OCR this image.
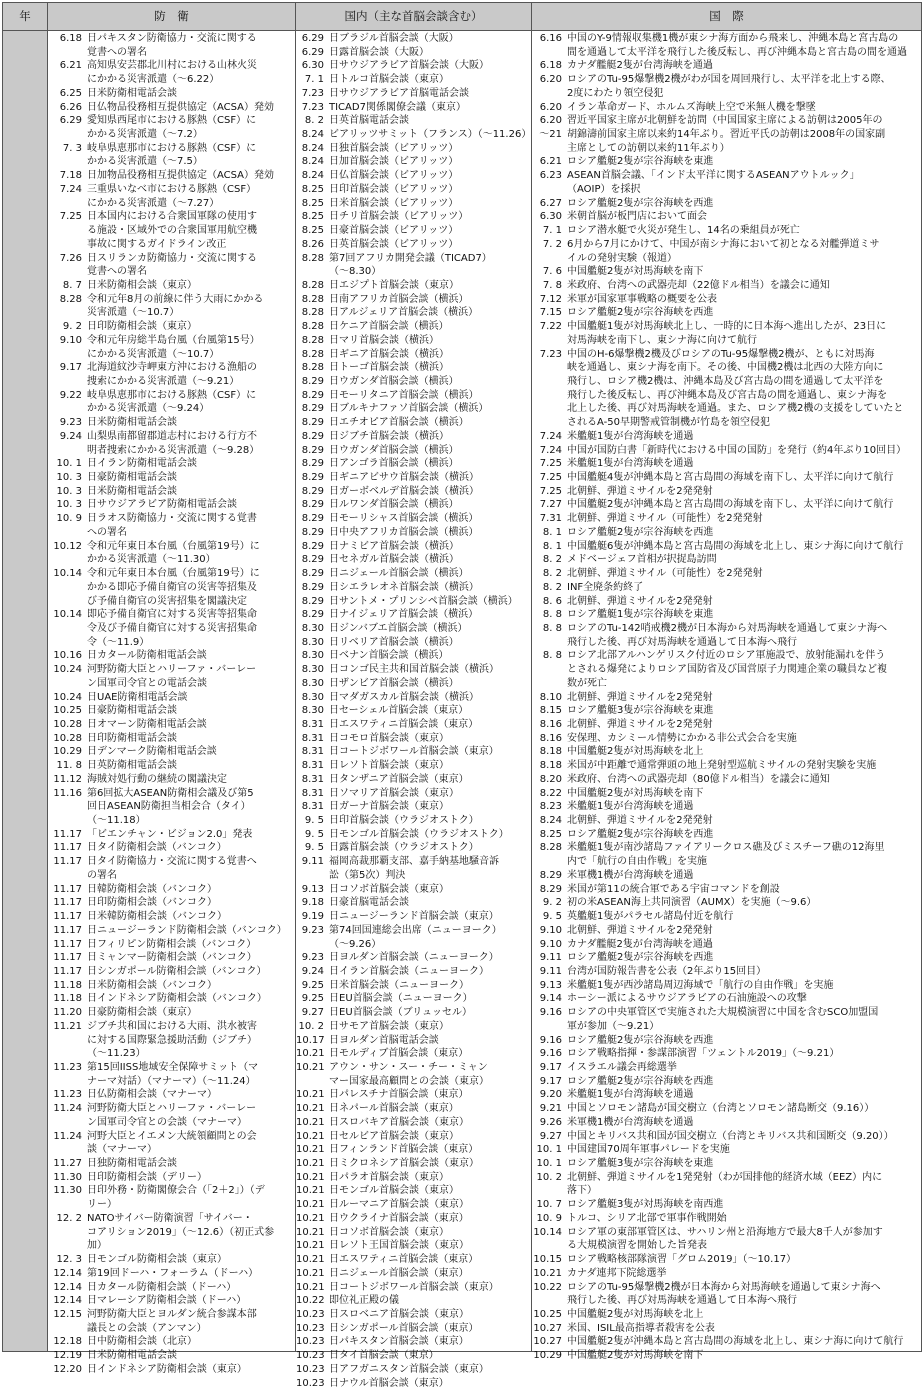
年	防　衛	国内（主な首脳会談含む）	国　際
6.18 日パキスタン防衛協力・交流に関する
覚書への署名
6.21 高知県安芸郡北川村における山林火災
にかかる災害派遣（〜6.22）
6.25 日米防衛相電話会談
6.26 日仏物品役務相互提供協定（ACSA）発効
6.29 愛知県西尾市における豚熱（CSF）に
かかる災害派遣（〜7.2）
7. 3 岐阜県恵那市における豚熱（CSF）に
かかる災害派遣（〜7.5）
7.18 日加物品役務相互提供協定（ACSA）発効
7.24 三重県いなべ市における豚熱（CSF）
にかかる災害派遣（〜7.27）
7.25 日本国内における合衆国軍隊の使用す
る施設・区域外での合衆国軍用航空機
事故に関するガイドライン改正
7.26 日スリランカ防衛協力・交流に関する
覚書への署名
8. 7 日米防衛相会談（東京）
8.28 令和元年8月の前線に伴う大雨にかかる
災害派遣（〜10.7）
9. 2 日印防衛相会談（東京）
9.10 令和元年房総半島台風（台風第15号）
にかかる災害派遣（〜10.7）
9.17 北海道紋沙寺岬東方沖における漁船の
捜索にかかる災害派遣（〜9.21）
9.22 岐阜県恵那市における豚熱（CSF）に
かかる災害派遣（〜9.24）
9.23 日米防衛相電話会談
9.24 山梨県南都留郡道志村における行方不
明者捜索にかかる災害派遣（〜9.28）
10. 1 日イラン防衛相電話会談
10. 3 日豪防衛相電話会談
10. 3 日米防衛相電話会談
10. 3 日サウジアラビア防衛相電話会談
10. 9 日ラオス防衛協力・交流に関する覚書
への署名
10.12 令和元年東日本台風（台風第19号）に
かかる災害派遣（〜11.30）
10.14 令和元年東日本台風（台風第19号）に
かかる即応予備自衛官の災害等招集及
び予備自衛官の災害招集を閣議決定
10.14 即応予備自衛官に対する災害等招集命
令及び予備自衛官に対する災害招集命
令（〜11.9）
10.16 日カタール防衛相電話会談
10.24 河野防衛大臣とハリーファ・バーレー
ン国軍司令官との電話会談
10.24 日UAE防衛相電話会談
10.25 日豪防衛相電話会談
10.28 日オマーン防衛相電話会談
10.28 日印防衛相電話会談
10.29 日デンマーク防衛相電話会談
11. 8 日英防衛相電話会談
11.12 海賊対処行動の継続の閣議決定
11.16 第6回拡大ASEAN防衛相会議及び第5
回日ASEAN防衛担当相会合（タイ）
（〜11.18）
11.17 「ビエンチャン・ビジョン2.0」発表
11.17 日タイ防衛相会談（バンコク）
11.17 日タイ防衛協力・交流に関する覚書へ
の署名
11.17 日韓防衛相会談（バンコク）
11.17 日印防衛相会談（バンコク）
11.17 日米韓防衛相会談（バンコク）
11.17 日ニュージーランド防衛相会談（バンコク）
11.17 日フィリピン防衛相会談（バンコク）
11.17 日ミャンマー防衛相会談（バンコク）
11.17 日シンガポール防衛相会談（バンコク）
11.18 日米防衛相会談（バンコク）
11.18 日インドネシア防衛相会談（バンコク）
11.20 日豪防衛相会談（東京）
11.21 ジブチ共和国における大雨、洪水被害
に対する国際緊急援助活動（ジブチ）
（〜11.23）
11.23 第15回IISS地域安全保障サミット（マ
ナーマ対話）（マナーマ）（〜11.24）
11.23 日仏防衛相会談（マナーマ）
11.24 河野防衛大臣とハリーファ・バーレー
ン国軍司令官との会談（マナーマ）
11.24 河野大臣とイエメン大統領顧問との会
談（マナーマ）
11.27 日独防衛相電話会談
11.30 日印防衛相会談（デリー）
11.30 日印外務・防衛閣僚会合（「2＋2」）（デ
リー）
12. 2 NATOサイバー防衛演習「サイバー・
コアリション2019」（〜12.6）（初正式参
加）
12. 3 日モンゴル防衛相会談（東京）
12.14 第19回ドーハ・フォーラム（ドーハ）
12.14 日カタール防衛相会談（ドーハ）
12.14 日マレーシア防衛相会談（ドーハ）
12.15 河野防衛大臣とヨルダン統合参謀本部
議長との会談（アンマン）
12.18 日中防衛相会談（北京）
12.19 日米防衛相電話会談
12.20 日インドネシア防衛相会談（東京）
6.29 日ブラジル首脳会談（大阪）
6.29 日露首脳会談（大阪）
6.30 日サウジアラビア首脳会談（大阪）
7. 1 日トルコ首脳会談（東京）
7.23 日サウジアラビア首脳電話会談
7.23 TICAD7関係閣僚会議（東京）
8. 2 日英首脳電話会談
8.24 ビアリッツサミット（フランス）（〜11.26）
8.24 日独首脳会談（ビアリッツ）
8.24 日加首脳会談（ビアリッツ）
8.24 日仏首脳会談（ビアリッツ）
8.25 日印首脳会談（ビアリッツ）
8.25 日米首脳会談（ビアリッツ）
8.25 日チリ首脳会談（ビアリッツ）
8.25 日豪首脳会談（ビアリッツ）
8.26 日英首脳会談（ビアリッツ）
8.28 第7回アフリカ開発会議（TICAD7）
（〜8.30）
8.28 日エジプト首脳会談（東京）
8.28 日南アフリカ首脳会談（横浜）
8.28 日アルジェリア首脳会談（横浜）
8.28 日ケニア首脳会談（横浜）
8.28 日マリ首脳会談（横浜）
8.28 日ギニア首脳会談（横浜）
8.28 日トーゴ首脳会談（横浜）
8.29 日ウガンダ首脳会談（横浜）
8.29 日モーリタニア首脳会談（横浜）
8.29 日ブルキナファソ首脳会談（横浜）
8.29 日エチオピア首脳会談（横浜）
8.29 日ジブチ首脳会談（横浜）
8.29 日ウガンダ首脳会談（横浜）
8.29 日アンゴラ首脳会談（横浜）
8.29 日ギニアビサウ首脳会談（横浜）
8.29 日ガーボベルデ首脳会談（横浜）
8.29 日ルワンダ首脳会談（横浜）
8.29 日モーリシャス首脳会談（横浜）
8.29 日中央アフリカ首脳会談（横浜）
8.29 日ナミビア首脳会談（横浜）
8.29 日セネガル首脳会談（横浜）
8.29 日ニジェール首脳会談（横浜）
8.29 日シエラレオネ首脳会談（横浜）
8.29 日サントメ・プリンシペ首脳会談（横浜）
8.29 日ナイジェリア首脳会談（横浜）
8.30 日ジンバブエ首脳会談（横浜）
8.30 日リベリア首脳会談（横浜）
8.30 日ベナン首脳会談（横浜）
8.30 日コンゴ民主共和国首脳会談（横浜）
8.30 日ザンビア首脳会談（横浜）
8.30 日マダガスカル首脳会談（横浜）
8.30 日セーシェル首脳会談（東京）
8.31 日エスワティニ首脳会談（東京）
8.31 日コモロ首脳会談（東京）
8.31 日コートジボワール首脳会談（東京）
8.31 日レソト首脳会談（東京）
8.31 日タンザニア首脳会談（東京）
8.31 日ソマリア首脳会談（東京）
8.31 日ガーナ首脳会談（東京）
9. 5 日印首脳会談（ウラジオストク）
9. 5 日モンゴル首脳会談（ウラジオストク）
9. 5 日露首脳会談（ウラジオストク）
9.11 福岡高裁那覇支部、嘉手納基地騒音訴
訟（第5次）判決
9.13 日コソボ首脳会談（東京）
9.18 日豪首脳電話会談
9.19 日ニュージーランド首脳会談（東京）
9.23 第74回国連総会出席（ニューヨーク）
（〜9.26）
9.23 日ヨルダン首脳会談（ニューヨーク）
9.24 日イラン首脳会談（ニューヨーク）
9.25 日米首脳会談（ニューヨーク）
9.25 日EU首脳会談（ニューヨーク）
9.27 日EU首脳会談（ブリュッセル）
10. 2 日サモア首脳会談（東京）
10.17 日ヨルダン首脳電話会談
10.21 日モルディブ首脳会談（東京）
10.21 アウン・サン・スー・チー・ミャン
マー国家最高顧問との会談（東京）
10.21 日パレスチナ首脳会談（東京）
10.21 日ネパール首脳会談（東京）
10.21 日スロバキア首脳会談（東京）
10.21 日セルビア首脳会談（東京）
10.21 日フィンランド首脳会談（東京）
10.21 日ミクロネシア首脳会談（東京）
10.21 日パラオ首脳会談（東京）
10.21 日モンゴル首脳会談（東京）
10.21 日ルーマニア首脳会談（東京）
10.21 日ウクライナ首脳会談（東京）
10.21 日コソボ首脳会談（東京）
10.21 日レソト王国首脳会談（東京）
10.21 日エスワティニ首脳会談（東京）
10.21 日ニジェール首脳会談（東京）
10.21 日コートジボワール首脳会談（東京）
10.22 即位礼正殿の儀
10.23 日スロベニア首脳会談（東京）
10.23 日シンガポール首脳会談（東京）
10.23 日パキスタン首脳会談（東京）
10.23 日タイ首脳会談（東京）
10.23 日アフガニスタン首脳会談（東京）
10.23 日ナウル首脳会談（東京）
6.16 中国のY-9情報収集機1機が東シナ海方面から飛来し、沖縄本島と宮古島の
間を通過して太平洋を飛行した後反転し、再び沖縄本島と宮古島の間を通過
6.18 カナダ艦艇2隻が台湾海峡を通過
6.20 ロシアのTu-95爆撃機2機がわが国を周回飛行し、太平洋を北上する際、
2度にわたり領空侵犯
6.20 イラン革命ガード、ホルムズ海峡上空で米無人機を撃墜
6.20 習近平国家主席が北朝鮮を訪問（中国国家主席による訪朝は2005年の
〜21 胡錦濤前国家主席以来約14年ぶり。習近平氏の訪朝は2008年の国家副
主席としての訪朝以来約11年ぶり）
6.21 ロシア艦艇2隻が宗谷海峡を東進
6.23 ASEAN首脳会議、「インド太平洋に関するASEANアウトルック」
（AOIP）を採択
6.27 ロシア艦艇2隻が宗谷海峡を西進
6.30 米朝首脳が板門店において面会
7. 1 ロシア潜水艇で火災が発生し、14名の乗組員が死亡
7. 2 6月から7月にかけて、中国が南シナ海において初となる対艦弾道ミサ
イルの発射実験（報道）
7. 6 中国艦艇2隻が対馬海峡を南下
7. 8 米政府、台湾への武器売却（22億ドル相当）を議会に通知
7.12 米軍が国家軍事戦略の概要を公表
7.15 ロシア艦艇2隻が宗谷海峡を西進
7.22 中国艦艇1隻が対馬海峡北上し、一時的に日本海へ進出したが、23日に
対馬海峡を南下し、東シナ海に向けて航行
7.23 中国のH-6爆撃機2機及びロシアのTu-95爆撃機2機が、ともに対馬海
峡を通過し、東シナ海を南下。その後、中国機2機は北西の大陸方向に
飛行し、ロシア機2機は、沖縄本島及び宮古島の間を通過して太平洋を
飛行した後反転し、再び沖縄本島及び宮古島の間を通過し、東シナ海を
北上した後、再び対馬海峡を通過。また、ロシア機2機の支援をしていたと
されるA-50早期警戒管制機が竹島を領空侵犯
7.24 米艦艇1隻が台湾海峡を通過
7.24 中国が国防白書「新時代における中国の国防」を発行（約4年ぶり10回目）
7.25 米艦艇1隻が台湾海峡を通過
7.25 中国艦艇4隻が沖縄本島と宮古島間の海域を南下し、太平洋に向けて航行
7.25 北朝鮮、弾道ミサイルを2発発射
7.27 中国艦艇2隻が沖縄本島と宮古島間の海域を南下し、太平洋に向けて航行
7.31 北朝鮮、弾道ミサイル（可能性）を2発発射
8. 1 ロシア艦艇2隻が宗谷海峡を西進
8. 1 中国艦艇6隻が沖縄本島と宮古島間の海域を北上し、東シナ海に向けて航行
8. 2 メドベージェフ首相が択捉島訪問
8. 2 北朝鮮、弾道ミサイル（可能性）を2発発射
8. 2 INF全廃条約終了
8. 6 北朝鮮、弾道ミサイルを2発発射
8. 8 ロシア艦艇1隻が宗谷海峡を東進
8. 8 ロシアのTu-142哨戒機2機が日本海から対馬海峡を通過して東シナ海へ
飛行した後、再び対馬海峡を通過して日本海へ飛行
8. 8 ロシア北部アルハンゲリスク付近のロシア軍施設で、放射能漏れを伴う
とされる爆発によりロシア国防省及び国営原子力関連企業の職員など複
数が死亡
8.10 北朝鮮、弾道ミサイルを2発発射
8.15 ロシア艦艇3隻が宗谷海峡を東進
8.16 北朝鮮、弾道ミサイルを2発発射
8.16 安保理、カシミール情勢にかかる非公式会合を実施
8.18 中国艦艇2隻が対馬海峡を北上
8.18 米国が中距離で通常弾頭の地上発射型巡航ミサイルの発射実験を実施
8.20 米政府、台湾への武器売却（80億ドル相当）を議会に通知
8.22 中国艦艇2隻が対馬海峡を南下
8.23 米艦艇1隻が台湾海峡を通過
8.24 北朝鮮、弾道ミサイルを2発発射
8.25 ロシア艦艇2隻が宗谷海峡を西進
8.28 米艦艇1隻が南沙諸島ファイアリークロス礁及びミスチーフ礁の12海里
内で「航行の自由作戦」を実施
8.29 米軍機1機が台湾海峡を通過
8.29 米国が第11の統合軍である宇宙コマンドを創設
9. 2 初の米ASEAN海上共同演習（AUMX）を実施（〜9.6）
9. 5 英艦艇1隻がパラセル諸島付近を航行
9.10 北朝鮮、弾道ミサイルを2発発射
9.10 カナダ艦艇2隻が台湾海峡を通過
9.11 ロシア艦艇2隻が宗谷海峡を西進
9.11 台湾が国防報告書を公表（2年ぶり15回目）
9.13 米艦艇1隻が西沙諸島周辺海域で「航行の自由作戦」を実施
9.14 ホーシー派によるサウジアラビアの石油施設への攻撃
9.16 ロシアの中央軍管区で実施された大規模演習に中国を含むSCO加盟国
軍が参加（〜9.21）
9.16 ロシア艦艇2隻が宗谷海峡を西進
9.16 ロシア戦略指揮・参謀部演習「ツェントル2019」（〜9.21）
9.17 イスラエル議会再総選挙
9.17 ロシア艦艇2隻が宗谷海峡を西進
9.20 米艦艇1隻が台湾海峡を通過
9.21 中国とソロモン諸島が国交樹立（台湾とソロモン諸島断交（9.16））
9.26 米軍機1機が台湾海峡を通過
9.27 中国とキリバス共和国が国交樹立（台湾とキリバス共和国断交（9.20））
10. 1 中国建国70周年軍事パレードを実施
10. 1 ロシア艦艇3隻が宗谷海峡を東進
10. 2 北朝鮮、弾道ミサイルを1発発射（わが国排他的経済水域（EEZ）内に
落下）
10. 7 ロシア艦艇3隻が対馬海峡を南西進
10. 9 トルコ、シリア北部で軍事作戦開始
10.14 ロシア軍の東部軍管区は、サハリン州と沿海地方で最大8千人が参加す
る大規模演習を開始した旨発表
10.15 ロシア戦略核部隊演習「グロム2019」（〜10.17）
10.21 カナダ連邦下院総選挙
10.22 ロシアのTu-95爆撃機2機が日本海から対馬海峡を通過して東シナ海へ
飛行した後、再び対馬海峡を通過して日本海へ飛行
10.25 中国艦艇2隻が対馬海峡を北上
10.27 米国、ISIL最高指導者殺害を公表
10.27 中国艦艇2隻が沖縄本島と宮古島間の海域を北上し、東シナ海に向けて航行
10.29 中国艦艇2隻が対馬海峡を南下
